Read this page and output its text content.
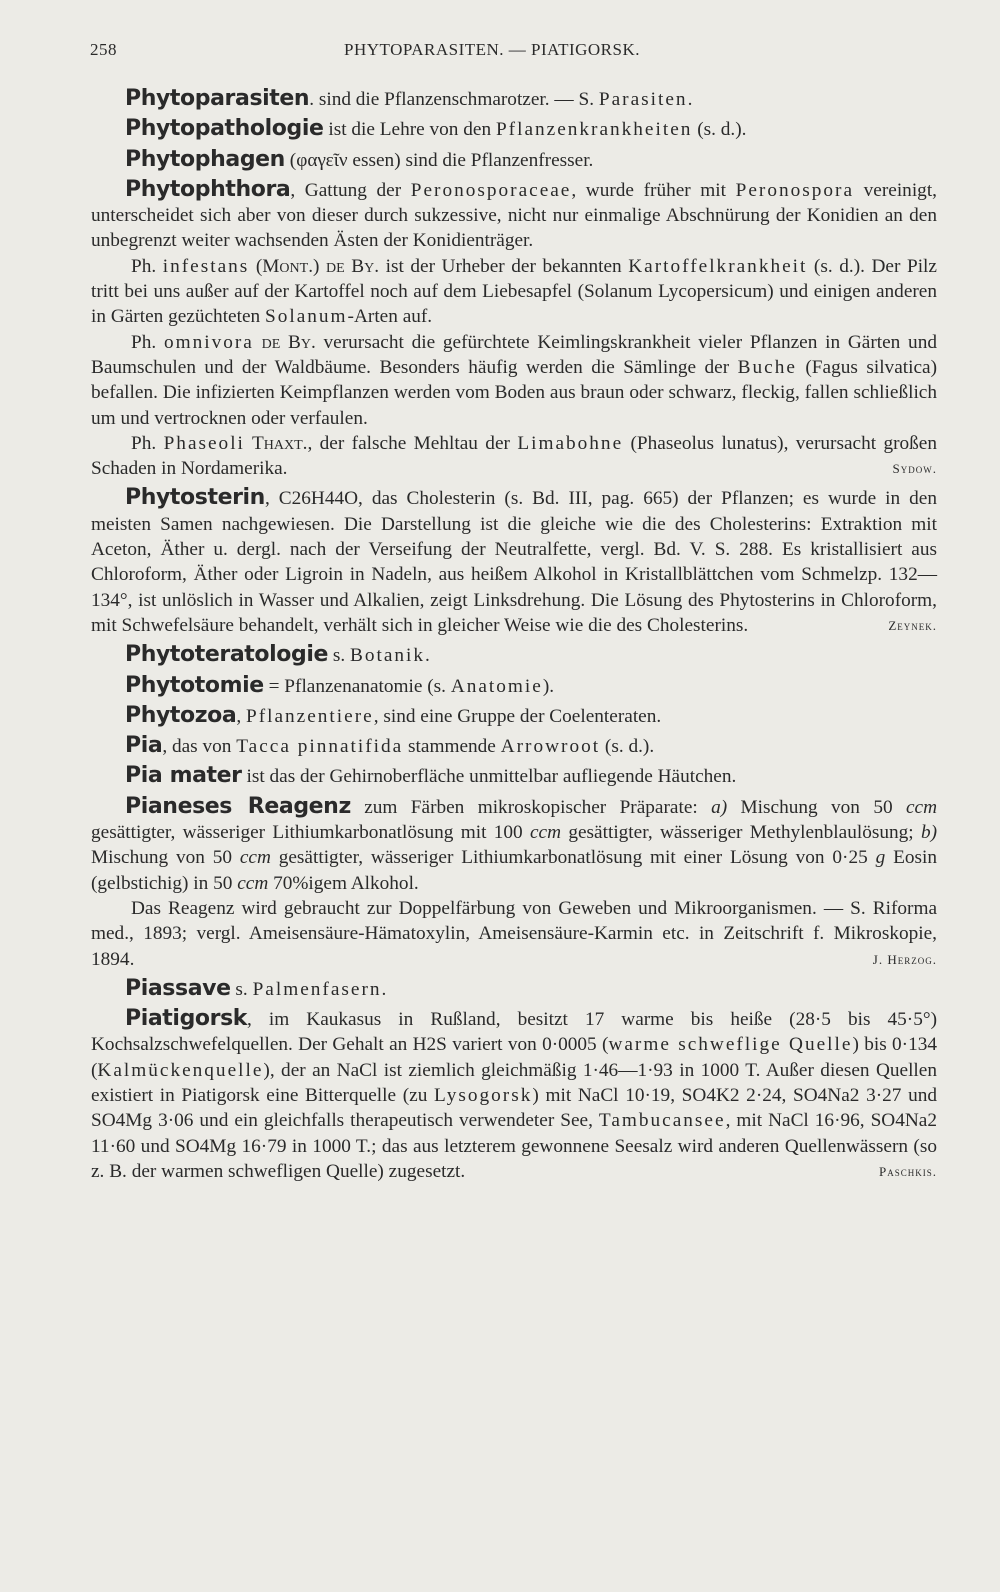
258	PHYTOPARASITEN. — PIATIGORSK.

Phytoparasiten. sind die Pflanzenschmarotzer. — S. Parasiten.

Phytopathologie ist die Lehre von den Pflanzenkrankheiten (s. d.).

Phytophagen (φαγεῖν essen) sind die Pflanzenfresser.

Phytophthora, Gattung der Peronosporaceae, wurde früher mit Peronospora vereinigt, unterscheidet sich aber von dieser durch sukzessive, nicht nur einmalige Abschnürung der Konidien an den unbegrenzt weiter wachsenden Ästen der Konidienträger.

Ph. infestans (Mont.) de By. ist der Urheber der bekannten Kartoffelkrankheit (s. d.). Der Pilz tritt bei uns außer auf der Kartoffel noch auf dem Liebesapfel (Solanum Lycopersicum) und einigen anderen in Gärten gezüchteten Solanum-Arten auf.

Ph. omnivora de By. verursacht die gefürchtete Keimlingskrankheit vieler Pflanzen in Gärten und Baumschulen und der Waldbäume. Besonders häufig werden die Sämlinge der Buche (Fagus silvatica) befallen. Die infizierten Keimpflanzen werden vom Boden aus braun oder schwarz, fleckig, fallen schließlich um und vertrocknen oder verfaulen.

Ph. Phaseoli Thaxt., der falsche Mehltau der Limabohne (Phaseolus lunatus), verursacht großen Schaden in Nordamerika.	Sydow.

Phytosterin, C26H44O, das Cholesterin (s. Bd. III, pag. 665) der Pflanzen; es wurde in den meisten Samen nachgewiesen. Die Darstellung ist die gleiche wie die des Cholesterins: Extraktion mit Aceton, Äther u. dergl. nach der Verseifung der Neutralfette, vergl. Bd. V. S. 288. Es kristallisiert aus Chloroform, Äther oder Ligroin in Nadeln, aus heißem Alkohol in Kristallblättchen vom Schmelzp. 132—134°, ist unlöslich in Wasser und Alkalien, zeigt Linksdrehung. Die Lösung des Phytosterins in Chloroform, mit Schwefelsäure behandelt, verhält sich in gleicher Weise wie die des Cholesterins.	Zeynek.

Phytoteratologie s. Botanik.

Phytotomie = Pflanzenanatomie (s. Anatomie).

Phytozoa, Pflanzentiere, sind eine Gruppe der Coelenteraten.

Pia, das von Tacca pinnatifida stammende Arrowroot (s. d.).

Pia mater ist das der Gehirnoberfläche unmittelbar aufliegende Häutchen.

Pianeses Reagenz zum Färben mikroskopischer Präparate: a) Mischung von 50 ccm gesättigter, wässeriger Lithiumkarbonatlösung mit 100 ccm gesättigter, wässeriger Methylenblaulösung; b) Mischung von 50 ccm gesättigter, wässeriger Lithiumkarbonatlösung mit einer Lösung von 0·25 g Eosin (gelbstichig) in 50 ccm 70%igem Alkohol.

Das Reagenz wird gebraucht zur Doppelfärbung von Geweben und Mikroorganismen. — S. Riforma med., 1893; vergl. Ameisensäure-Hämatoxylin, Ameisensäure-Karmin etc. in Zeitschrift f. Mikroskopie, 1894.	J. Herzog.

Piassave s. Palmenfasern.

Piatigorsk, im Kaukasus in Rußland, besitzt 17 warme bis heiße (28·5 bis 45·5°) Kochsalzschwefelquellen. Der Gehalt an H2S variert von 0·0005 (warme schweflige Quelle) bis 0·134 (Kalmückenquelle), der an NaCl ist ziemlich gleichmäßig 1·46—1·93 in 1000 T. Außer diesen Quellen existiert in Piatigorsk eine Bitterquelle (zu Lysogorsk) mit NaCl 10·19, SO4K2 2·24, SO4Na2 3·27 und SO4Mg 3·06 und ein gleichfalls therapeutisch verwendeter See, Tambucansee, mit NaCl 16·96, SO4Na2 11·60 und SO4Mg 16·79 in 1000 T.; das aus letzterem gewonnene Seesalz wird anderen Quellenwässern (so z. B. der warmen schwefligen Quelle) zugesetzt.	Paschkis.
